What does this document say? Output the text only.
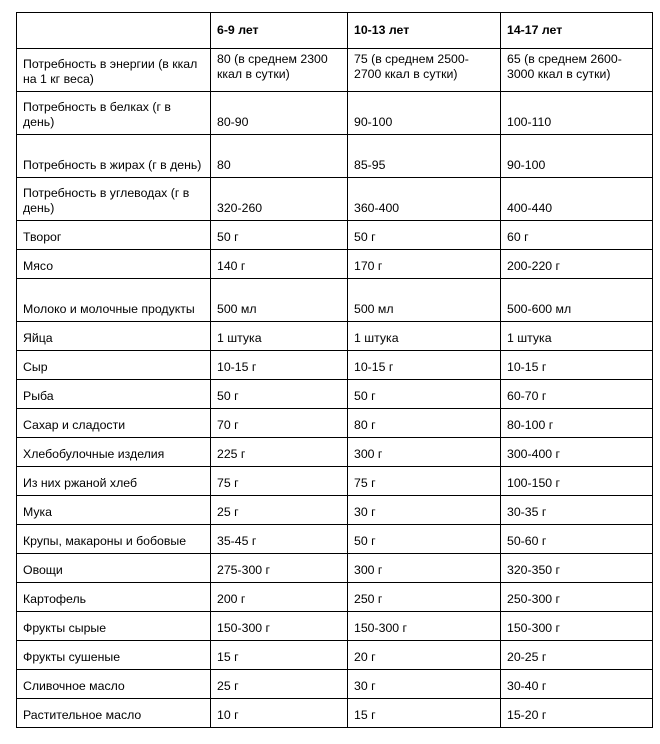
	6-9 лет	10-13 лет	14-17 лет
Потребность в энергии (в ккал на 1 кг веса)	80 (в среднем 2300 ккал в сутки)	75 (в среднем 2500-2700 ккал в сутки)	65 (в среднем 2600-3000 ккал в сутки)
Потребность в белках (г в день)	80-90	90-100	100-110
Потребность в жирах (г в день)	80	85-95	90-100
Потребность в углеводах (г в день)	320-260	360-400	400-440
Творог	50 г	50 г	60 г
Мясо	140 г	170 г	200-220 г
Молоко и молочные продукты	500 мл	500 мл	500-600 мл
Яйца	1 штука	1 штука	1 штука
Сыр	10-15 г	10-15 г	10-15 г
Рыба	50 г	50 г	60-70 г
Сахар и сладости	70 г	80 г	80-100 г
Хлебобулочные изделия	225 г	300 г	300-400 г
Из них ржаной хлеб	75 г	75 г	100-150 г
Мука	25 г	30 г	30-35 г
Крупы, макароны и бобовые	35-45 г	50 г	50-60 г
Овощи	275-300 г	300 г	320-350 г
Картофель	200 г	250 г	250-300 г
Фрукты сырые	150-300 г	150-300 г	150-300 г
Фрукты сушеные	15 г	20 г	20-25 г
Сливочное масло	25 г	30 г	30-40 г
Растительное масло	10 г	15 г	15-20 г
